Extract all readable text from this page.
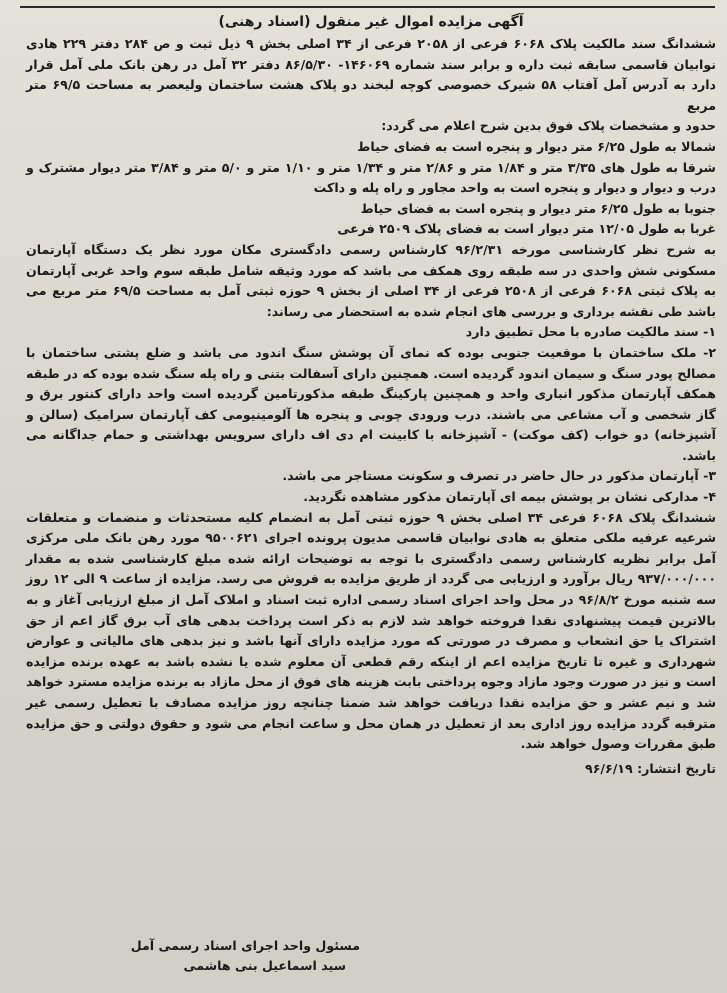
آگهی مزایده اموال غیر منقول (اسناد رهنی)

ششدانگ سند مالکیت پلاک ۶۰۶۸ فرعی از ۲۰۵۸ فرعی از ۳۴ اصلی بخش ۹ ذیل ثبت و ص ۲۸۴ دفتر ۲۲۹ هادی نوابیان قاسمی سابقه ثبت داره و برابر سند شماره ۱۴۶۰۶۹- ۸۶/۵/۳۰ دفتر ۳۲ آمل در رهن بانک ملی آمل قرار دارد به آدرس آمل آفتاب ۵۸ شیرک خصوصی کوچه لبخند دو پلاک هشت ساختمان ولیعصر به مساحت ۶۹/۵ متر مربع

حدود و مشخصات پلاک فوق بدین شرح اعلام می گردد:

شمالا به طول ۶/۲۵ متر دیوار و پنجره است به فضای حیاط

شرقا به طول های ۳/۳۵ متر و ۱/۸۴ متر و ۲/۸۶ متر و ۱/۳۴ متر و ۱/۱۰ متر و ۵/۰ متر و ۳/۸۴ متر دیوار مشترک و درب و دیوار و دیوار و پنجره است به واحد مجاور و راه پله و داکت

جنوبا به طول ۶/۲۵ متر دیوار و پنجره است به فضای حیاط

غربا به طول ۱۲/۰۵ متر دیوار است به فضای پلاک ۲۵۰۹ فرعی

به شرح نظر کارشناسی مورخه ۹۶/۲/۳۱ کارشناس رسمی دادگستری مکان مورد نظر یک دستگاه آپارتمان مسکونی شش واحدی در سه طبقه روی همکف می باشد که مورد وثیقه شامل طبقه سوم واحد غربی آپارتمان به پلاک ثبتی ۶۰۶۸ فرعی از ۲۵۰۸ فرعی از ۳۴ اصلی از بخش ۹ حوزه ثبتی آمل به مساحت ۶۹/۵ متر مربع می باشد طی نقشه برداری و بررسی های انجام شده به استحضار می رساند:

۱- سند مالکیت صادره با محل تطبیق دارد

۲- ملک ساختمان با موقعیت جنوبی بوده که نمای آن پوشش سنگ اندود می باشد و ضلع پشتی ساختمان با مصالح پودر سنگ و سیمان اندود گردیده است. همچنین دارای آسفالت بتنی و راه پله سنگ شده بوده که در طبقه همکف آپارتمان مذکور انباری واحد و همچنین پارکینگ طبقه مذکورتامین گردیده است واحد دارای کنتور برق و گاز شخصی و آب مشاعی می باشند. درب ورودی چوبی و پنجره ها آلومینیومی کف آپارتمان سرامیک (سالن و آشپزخانه) دو خواب (کف موکت) - آشپزخانه با کابینت ام دی اف دارای سرویس بهداشتی و حمام جداگانه می باشد.

۳- آپارتمان مذکور در حال حاضر در تصرف و سکونت مستاجر می باشد.

۴- مدارکی نشان بر پوشش بیمه ای آپارتمان مذکور مشاهده نگردید.

ششدانگ پلاک ۶۰۶۸ فرعی ۳۴ اصلی بخش ۹ حوزه ثبتی آمل به انضمام کلیه مستحدثات و منضمات و متعلقات شرعیه عرفیه ملکی متعلق به هادی نوابیان قاسمی مدیون پرونده اجرای ۹۵۰۰۶۲۱ مورد رهن بانک ملی مرکزی آمل برابر نظریه کارشناس رسمی دادگستری با توجه به توضیحات ارائه شده مبلغ کارشناسی شده به مقدار ۹۳۷/۰۰۰/۰۰۰ ریال برآورد و ارزیابی می گردد از طریق مزایده به فروش می رسد. مزایده از ساعت ۹ الی ۱۲ روز سه شنبه مورخ ۹۶/۸/۲ در محل واحد اجرای اسناد رسمی اداره ثبت اسناد و املاک آمل از مبلغ ارزیابی آغاز و به بالاترین قیمت پیشنهادی نقدا فروخته خواهد شد لازم به ذکر است پرداخت بدهی های آب برق گاز اعم از حق اشتراک یا حق انشعاب و مصرف در صورتی که مورد مزایده دارای آنها باشد و نیز بدهی های مالیاتی و عوارض شهرداری و غیره تا تاریخ مزایده اعم از اینکه رقم قطعی آن معلوم شده یا نشده باشد به عهده برنده مزایده است و نیز در صورت وجود مازاد وجوه پرداختی بابت هزینه های فوق از محل مازاد به برنده مزایده مسترد خواهد شد و نیم عشر و حق مزایده نقدا دریافت خواهد شد ضمنا چنانچه روز مزایده مصادف با تعطیل رسمی غیر مترقبه گردد مزایده روز اداری بعد از تعطیل در همان محل و ساعت انجام می شود و حقوق دولتی و حق مزایده طبق مقررات وصول خواهد شد.

تاریخ انتشار: ۹۶/۶/۱۹

مسئول واحد اجرای اسناد رسمی آمل
سید اسماعیل بنی هاشمی
